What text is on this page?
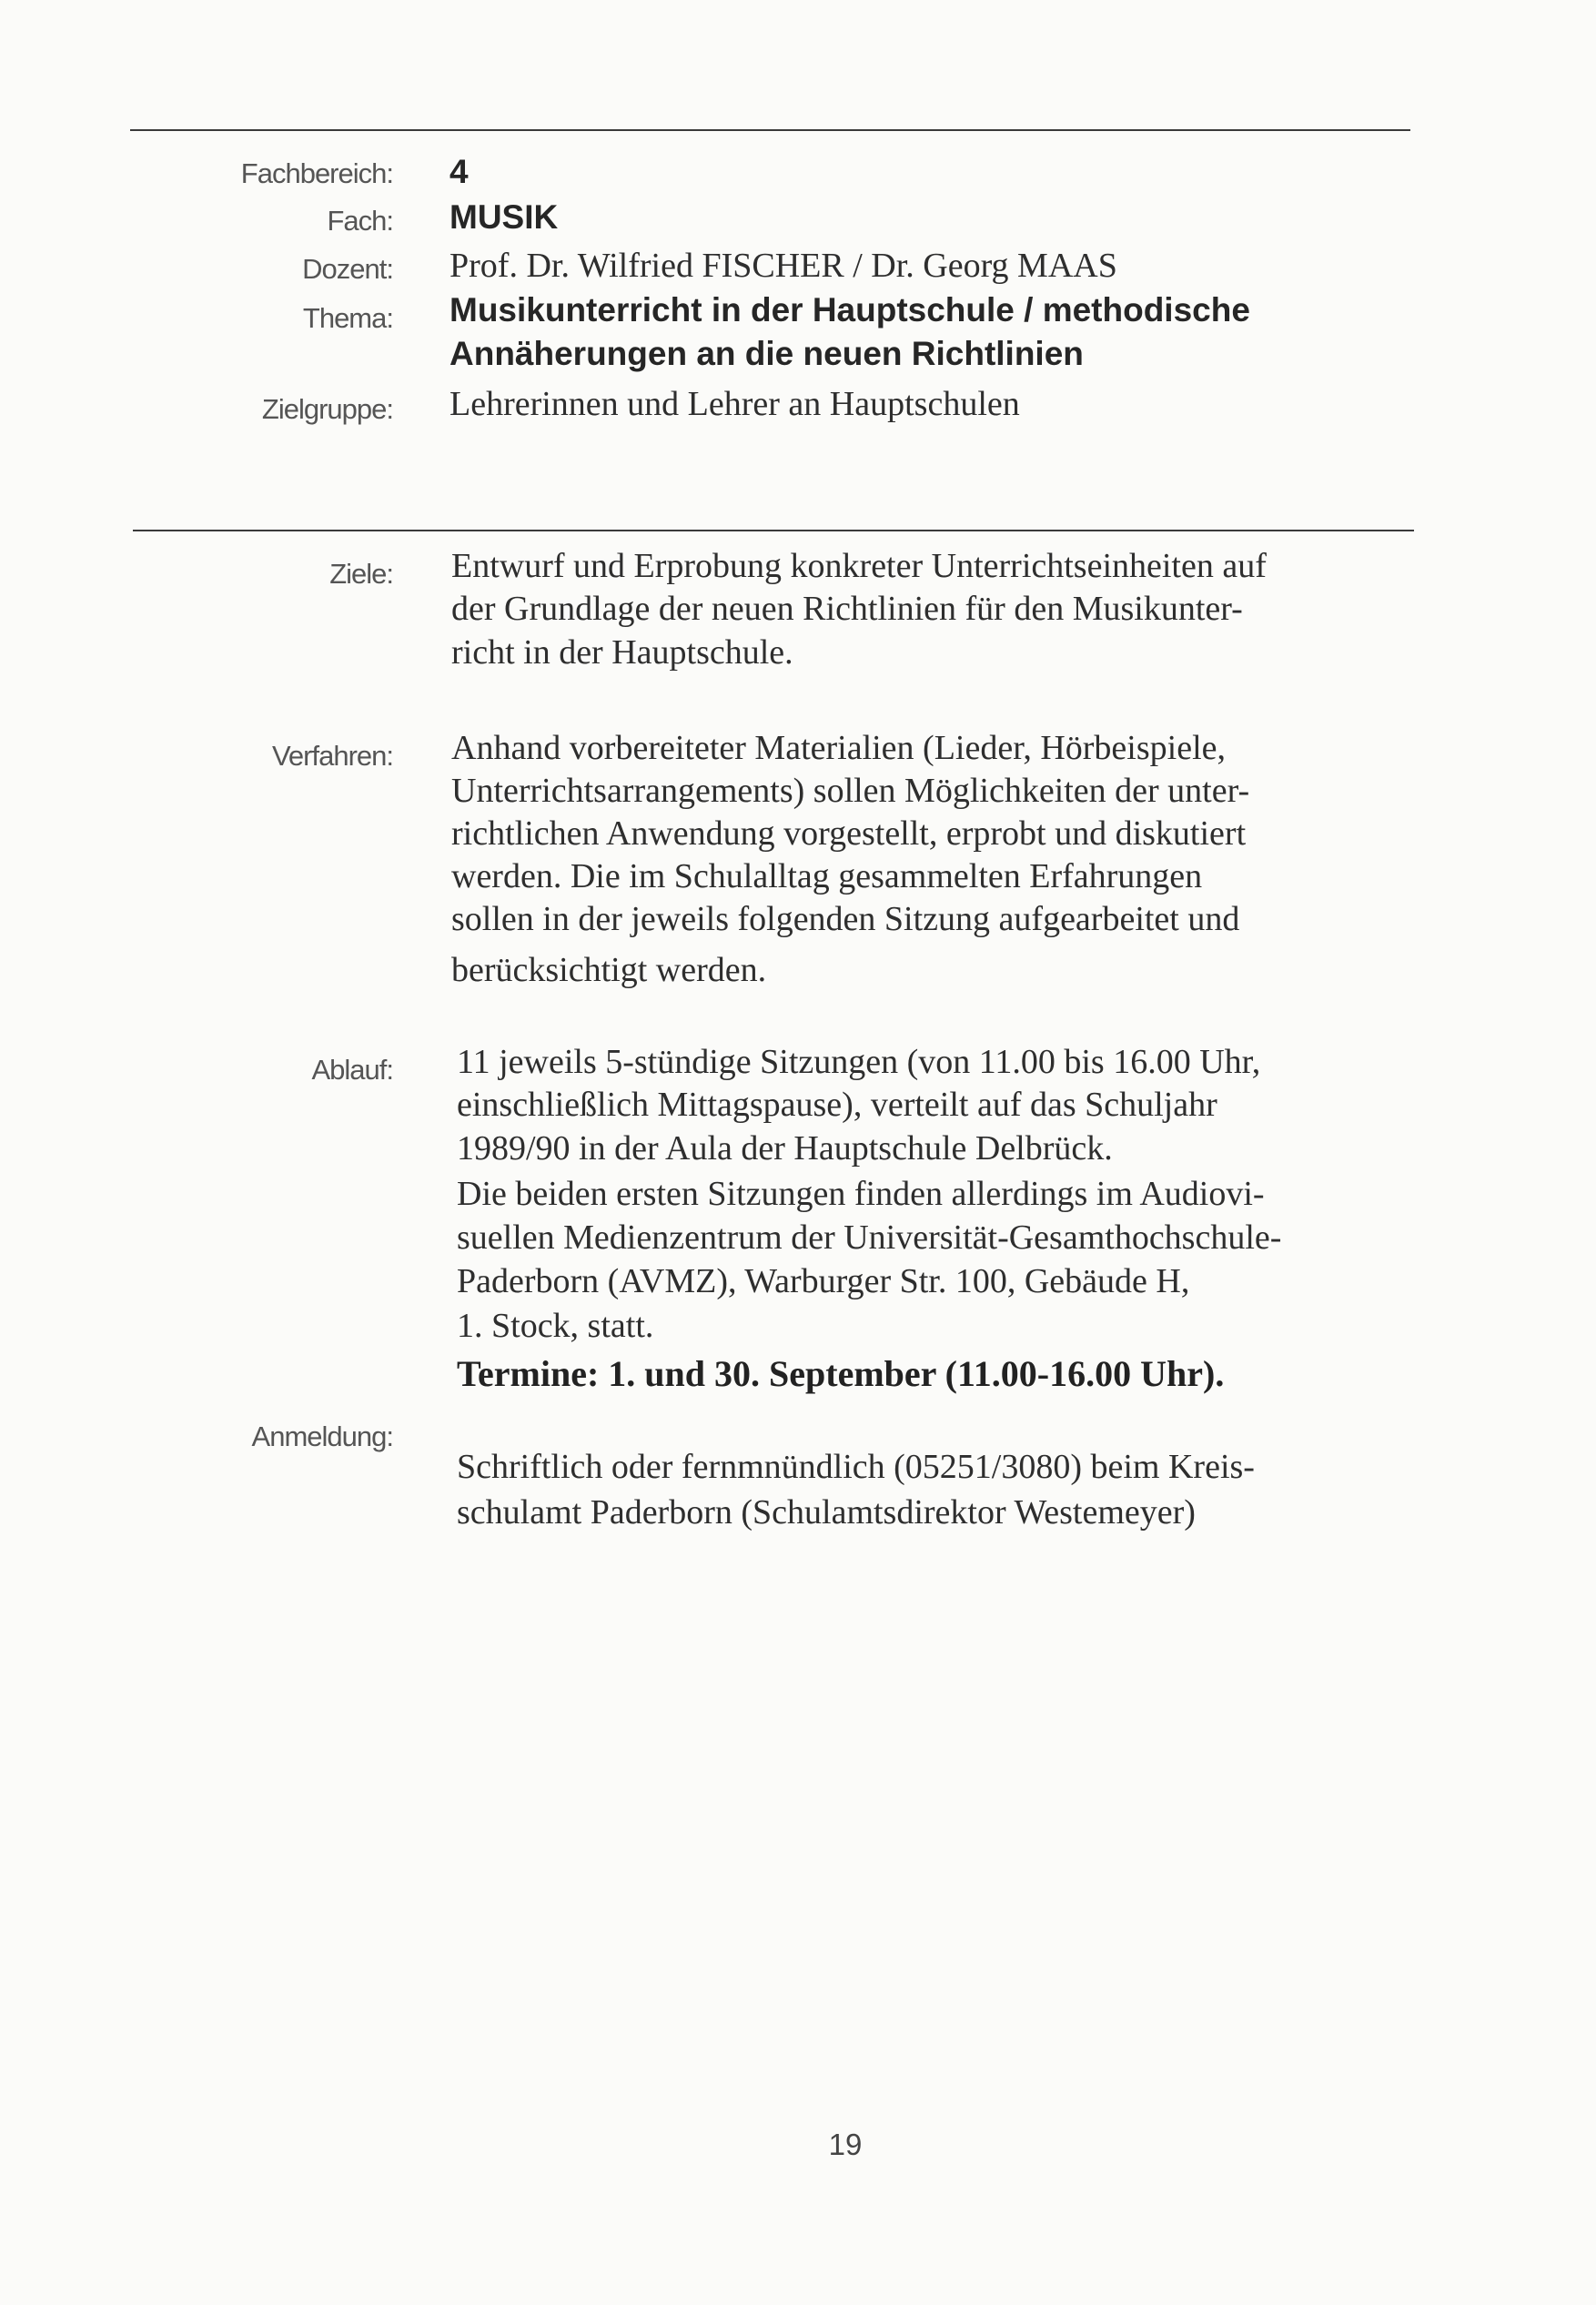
Fachbereich: 4
Fach: MUSIK
Dozent: Prof. Dr. Wilfried FISCHER / Dr. Georg MAAS
Thema: Musikunterricht in der Hauptschule / methodische
Annäherungen an die neuen Richtlinien
Zielgruppe: Lehrerinnen und Lehrer an Hauptschulen
Ziele: Entwurf und Erprobung konkreter Unterrichtseinheiten auf
der Grundlage der neuen Richtlinien für den Musikunter-
richt in der Hauptschule.
Verfahren: Anhand vorbereiteter Materialien (Lieder, Hörbeispiele,
Unterrichtsarrangements) sollen Möglichkeiten der unter-
richtlichen Anwendung vorgestellt, erprobt und diskutiert
werden. Die im Schulalltag gesammelten Erfahrungen
sollen in der jeweils folgenden Sitzung aufgearbeitet und
berücksichtigt werden.
Ablauf: 11 jeweils 5-stündige Sitzungen (von 11.00 bis 16.00 Uhr,
einschließlich Mittagspause), verteilt auf das Schuljahr
1989/90 in der Aula der Hauptschule Delbrück.
Die beiden ersten Sitzungen finden allerdings im Audiovi-
suellen Medienzentrum der Universität-Gesamthochschule-
Paderborn (AVMZ), Warburger Str. 100, Gebäude H,
1. Stock, statt.
Termine: 1. und 30. September (11.00-16.00 Uhr).
Anmeldung:
Schriftlich oder fernmnündlich (05251/3080) beim Kreis-
schulamt Paderborn (Schulamtsdirektor Westemeyer)
19
